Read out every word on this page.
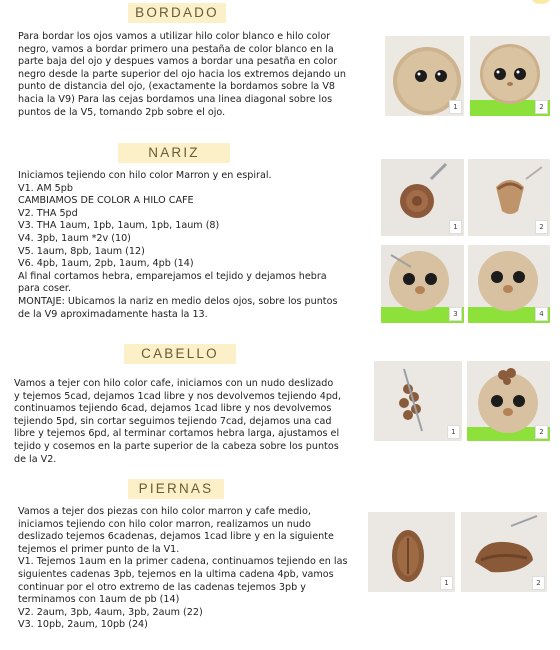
BORDADO
Para bordar los ojos vamos a utilizar hilo color blanco e hilo color
negro, vamos a bordar primero una pestaña de color blanco en la
parte baja del ojo y despues vamos a bordar una pesatña en color
negro desde la parte superior del ojo hacia los extremos dejando un
punto de distancia del ojo, (exactamente la bordamos sobre la V8
hacia la V9) Para las cejas bordamos una linea diagonal sobre los
puntos de la V5, tomando 2pb sobre el ojo.	1	2
NARIZ
Iniciamos tejiendo con hilo color Marron y en espiral.
V1. AM 5pb
CAMBIAMOS DE COLOR A HILO CAFE
V2. THA 5pd
V3. THA 1aum, 1pb, 1aum, 1pb, 1aum (8)
V4. 3pb, 1aum *2v (10)
V5. 1aum, 8pb, 1aum (12)
V6. 4pb, 1aum, 2pb, 1aum, 4pb (14)
Al final cortamos hebra, emparejamos el tejido y dejamos hebra
para coser.
MONTAJE: Ubicamos la nariz en medio delos ojos, sobre los puntos
de la V9 aproximadamente hasta la 13.
1	2
3	4
CABELLO
Vamos a tejer con hilo color cafe, iniciamos con un nudo deslizado
y tejemos 5cad, dejamos 1cad libre y nos devolvemos tejiendo 4pd,
continuamos tejiendo 6cad, dejamos 1cad libre y nos devolvemos
tejiendo 5pd, sin cortar seguimos tejiendo 7cad, dejamos una cad
libre y tejemos 6pd, al terminar cortamos hebra larga, ajustamos el
tejido y cosemos en la parte superior de la cabeza sobre los puntos
de la V2.
1	2
PIERNAS
Vamos a tejer dos piezas con hilo color marron y cafe medio,
iniciamos tejiendo con hilo color marron, realizamos un nudo
deslizado tejemos 6cadenas, dejamos 1cad libre y en la siguiente
tejemos el primer punto de la V1.
V1. Tejemos 1aum en la primer cadena, continuamos tejiendo en las
siguientes cadenas 3pb, tejemos en la ultima cadena 4pb, vamos
continuar por el otro extremo de las cadenas tejemos 3pb y
terminamos con 1aum de pb (14)
V2. 2aum, 3pb, 4aum, 3pb, 2aum (22)
V3. 10pb, 2aum, 10pb (24)
1	2
